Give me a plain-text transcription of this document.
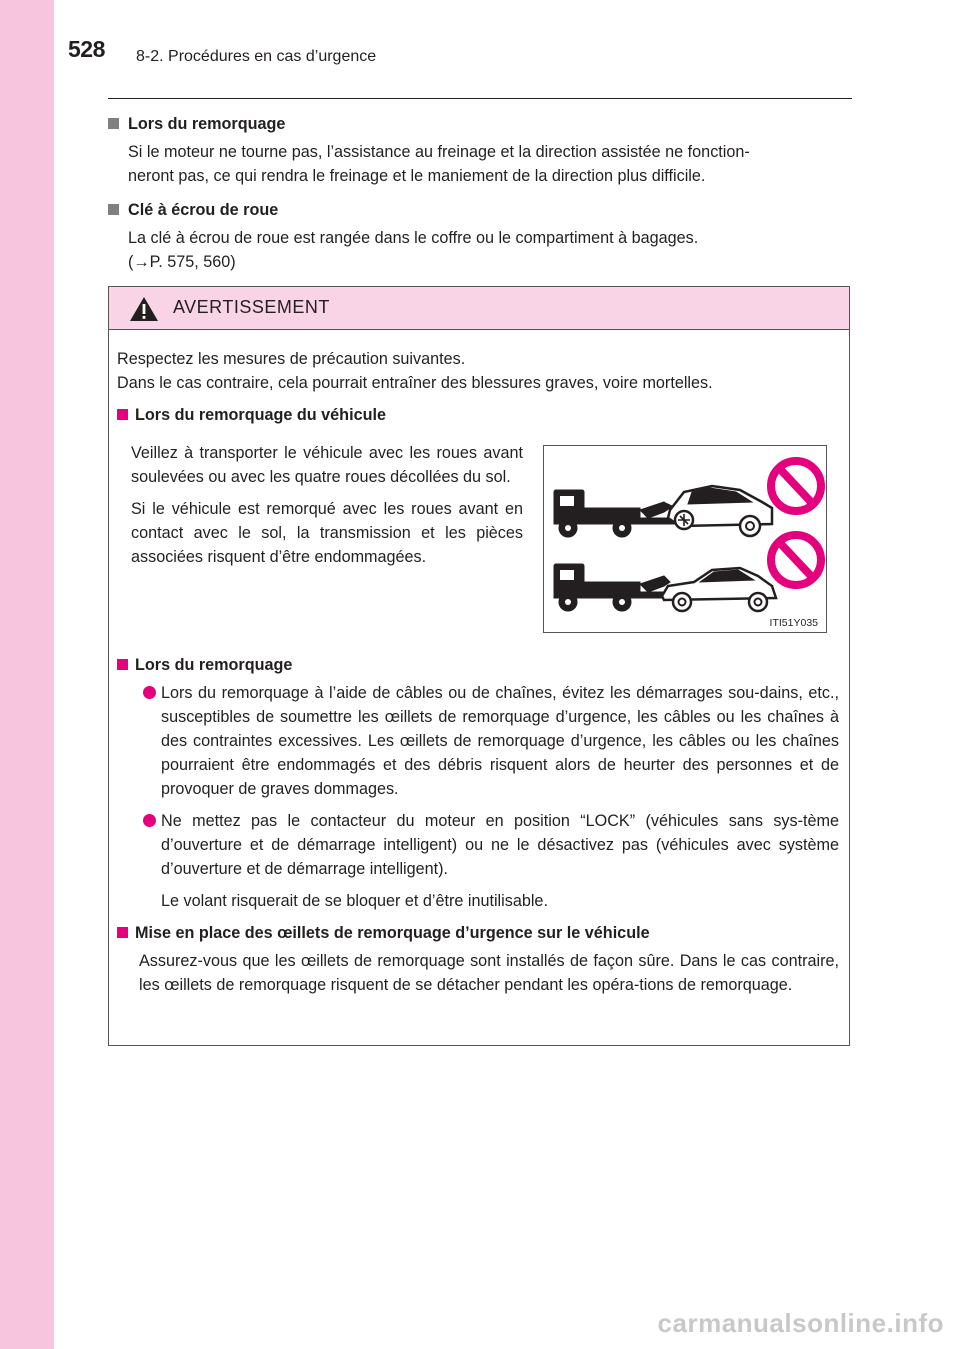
528 8-2. Procédures en cas d’urgence

Lors du remorquage

Si le moteur ne tourne pas, l’assistance au freinage et la direction assistée ne fonction-

neront pas, ce qui rendra le freinage et le maniement de la direction plus difficile.

Clé à écrou de roue

La clé à écrou de roue est rangée dans le coffre ou le compartiment à bagages.

(→P. 575, 560)

AVERTISSEMENT

Respectez les mesures de précaution suivantes.

Dans le cas contraire, cela pourrait entraîner des blessures graves, voire mortelles.

Lors du remorquage du véhicule

Veillez à transporter le véhicule avec les roues avant soulevées ou avec les quatre roues décollées du sol.

Si le véhicule est remorqué avec les roues avant en contact avec le sol, la transmission et les pièces associées risquent d’être endommagées.

ITI51Y035

Lors du remorquage

Lors du remorquage à l’aide de câbles ou de chaînes, évitez les démarrages sou-dains, etc., susceptibles de soumettre les œillets de remorquage d’urgence, les câbles ou les chaînes à des contraintes excessives. Les œillets de remorquage d’urgence, les câbles ou les chaînes pourraient être endommagés et des débris risquent alors de heurter des personnes et de provoquer de graves dommages.

Ne mettez pas le contacteur du moteur en position “LOCK” (véhicules sans sys-tème d’ouverture et de démarrage intelligent) ou ne le désactivez pas (véhicules avec système d’ouverture et de démarrage intelligent).

Le volant risquerait de se bloquer et d’être inutilisable.

Mise en place des œillets de remorquage d’urgence sur le véhicule

Assurez-vous que les œillets de remorquage sont installés de façon sûre. Dans le cas contraire, les œillets de remorquage risquent de se détacher pendant les opéra-tions de remorquage.

carmanualsonline.info
